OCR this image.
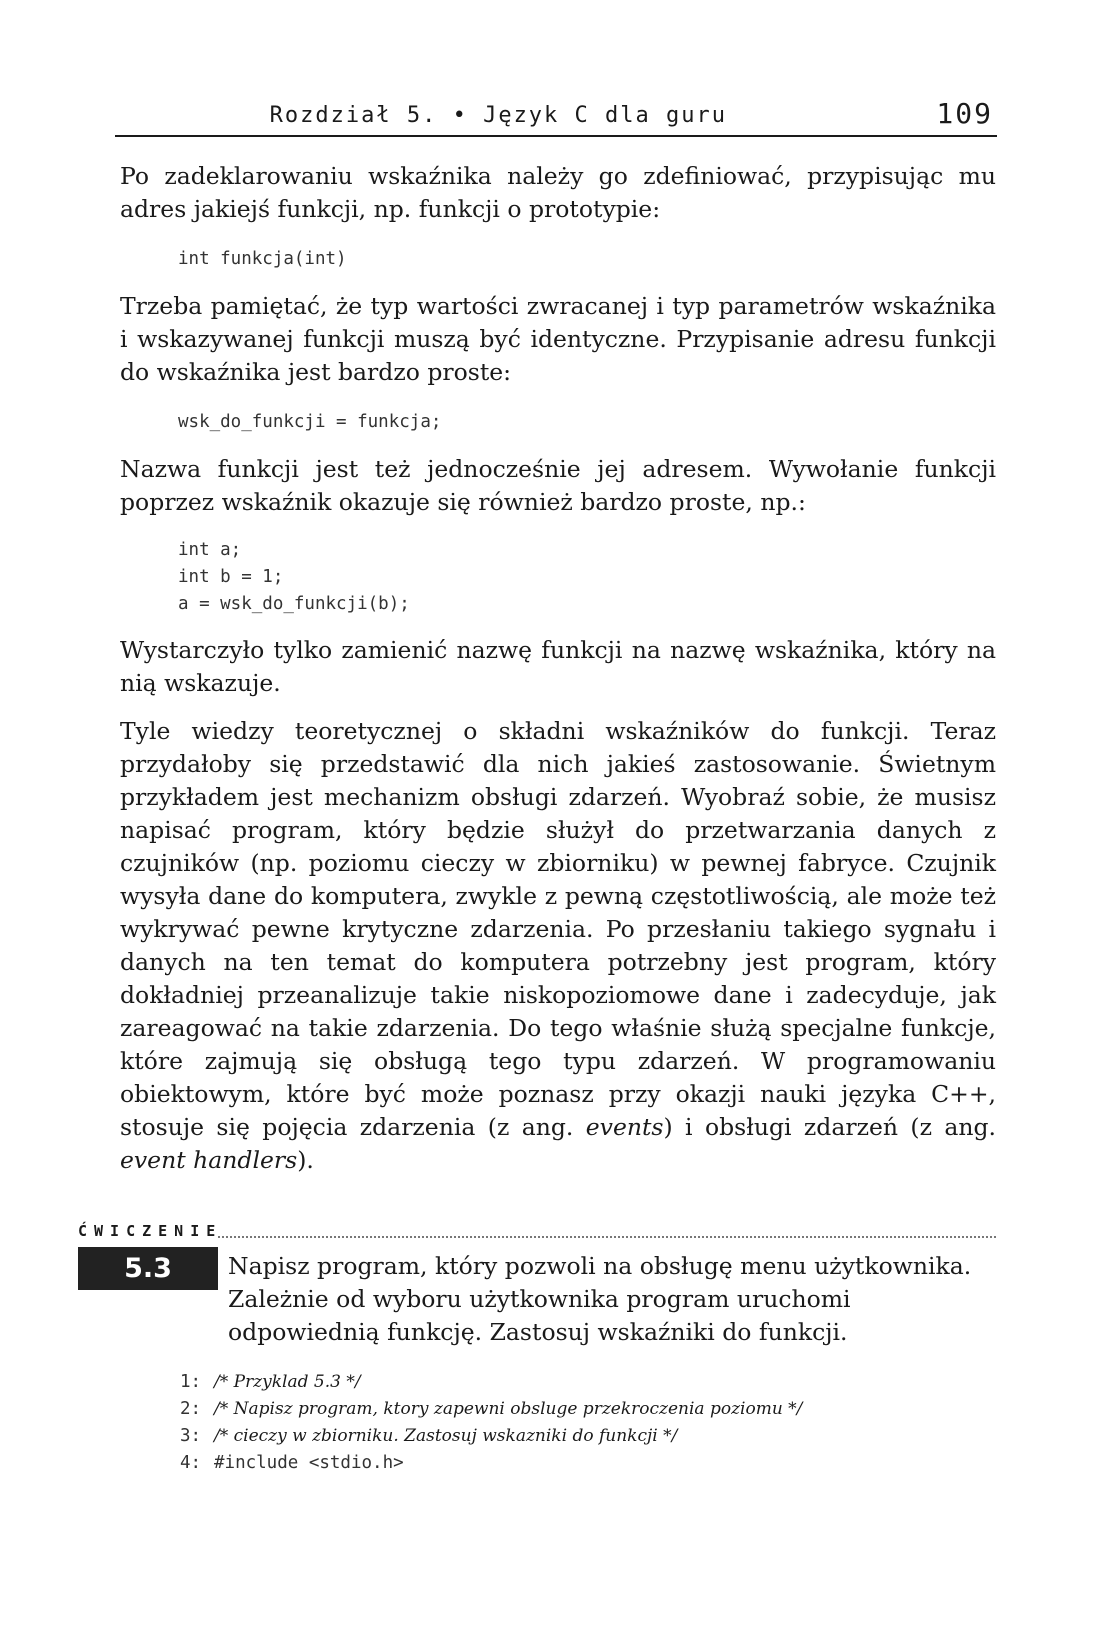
Rozdział 5. • Język C dla guru	109

Po zadeklarowaniu wskaźnika należy go zdefiniować, przypisując mu adres jakiejś funkcji, np. funkcji o prototypie:

int funkcja(int)

Trzeba pamiętać, że typ wartości zwracanej i typ parametrów wskaźnika i wskazywanej funkcji muszą być identyczne. Przypisanie adresu funkcji do wskaźnika jest bardzo proste:

wsk_do_funkcji = funkcja;

Nazwa funkcji jest też jednocześnie jej adresem. Wywołanie funkcji poprzez wskaźnik okazuje się również bardzo proste, np.:

int a;
int b = 1;
a = wsk_do_funkcji(b);

Wystarczyło tylko zamienić nazwę funkcji na nazwę wskaźnika, który na nią wskazuje.

Tyle wiedzy teoretycznej o składni wskaźników do funkcji. Teraz przydałoby się przedstawić dla nich jakieś zastosowanie. Świetnym przykładem jest mechanizm obsługi zdarzeń. Wyobraź sobie, że musisz napisać program, który będzie służył do przetwarzania danych z czujników (np. poziomu cieczy w zbiorniku) w pewnej fabryce. Czujnik wysyła dane do komputera, zwykle z pewną częstotliwością, ale może też wykrywać pewne krytyczne zdarzenia. Po przesłaniu takiego sygnału i danych na ten temat do komputera potrzebny jest program, który dokładniej przeanalizuje takie niskopoziomowe dane i zadecyduje, jak zareagować na takie zdarzenia. Do tego właśnie służą specjalne funkcje, które zajmują się obsługą tego typu zdarzeń. W programowaniu obiektowym, które być może poznasz przy okazji nauki języka C++, stosuje się pojęcia zdarzenia (z ang. events) i obsługi zdarzeń (z ang. event handlers).

ĆWICZENIE
5.3	Napisz program, który pozwoli na obsługę menu użytkownika. Zależnie od wyboru użytkownika program uruchomi odpowiednią funkcję. Zastosuj wskaźniki do funkcji.

1: /* Przyklad 5.3 */
2: /* Napisz program, ktory zapewni obsluge przekroczenia poziomu */
3: /* cieczy w zbiorniku. Zastosuj wskazniki do funkcji */
4: #include <stdio.h>
